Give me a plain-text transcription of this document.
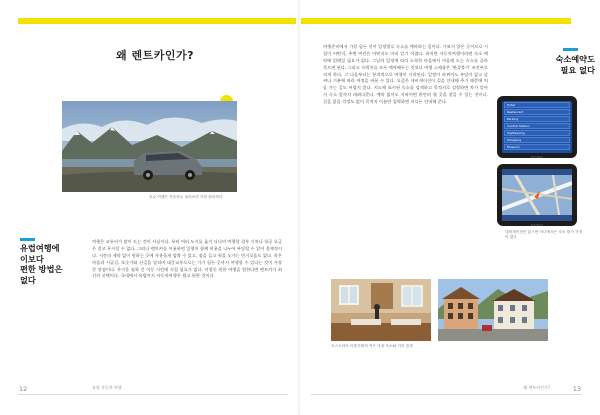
왜 렌트카인가?
호수 여행은 자동차로 둘러보면 가장 편리하다
유럽여행에
이보다
편한 방법은
없다
여행은 교통비가 많이 드는 것이 사실이다. 특히 여러 도시를 옮겨 다니며 여행할 경우 기차나 항공 요금은 결코 무시할 수 없다. 그러나 렌트카를 이용하면 일행이 함께 비용을 나누어 부담할 수 있어 경제적이다. 시간의 제약 없이 원하는 곳에 자유롭게 멈출 수 있고, 짐을 들고 역을 오가는 번거로움도 없다. 작은 마을과 시골길, 호숫가와 산길을 달리며 대중교통으로는 가기 힘든 곳까지 여행할 수 있다는 것이 가장 큰 장점이다. 무거운 짐과 긴 이동 시간에 지칠 필요가 없다. 이렇듯 편한 여행을 원한다면 렌트카가 최선의 선택이다. 국내에서 유럽까지 자동차여행은 쉽고 편한 것이다.
12	유럽 자동차 여행
여행준비에서 가장 힘든 것이 일정별로 숙소를 예약하는 일이다. 가보지 않은 곳이므로 시설이 어떤지, 주변 여건은 어떤지도 미리 알기 어렵다. 하지만 자동차여행이라면 숙소 예약에 얽매일 필요가 없다. 그날의 일정에 따라 도착한 마을에서 마음에 드는 숙소를 골라 묵으면 된다. 그리고 숙박지를 모두 예약해두는 것보다 여행 스케줄은 '변경불가' 조건부로 적게 한다. 그 다음부터는 본격적으로 여행이 시작된다. 일정이 바뀌어도 부담이 없고 날씨나 기분에 따라 여정을 바꿀 수 있다. 요즘은 내비게이션이 길을 안내해 주기 때문에 처음 가는 길도 어렵지 않다. 지도에 표시된 숙소를 검색하고 목적지로 설정하면 차가 알아서 숙소 앞까지 데려다준다. 예약 없이도 저녁이면 편안히 쉴 곳을 찾을 수 있는 것이다. 길을 잃을 걱정도 없이 목적지 이름만 입력하면 어디든 안내해 준다.
숙소예약도
필요 없다
Hotel
Restaurant
Parking
Central Station
Sightseeing
Shopping
Museum
TomTom
TomTom
내비게이션만 있으면 어디에서든 숙소 찾기 걱정이 없다
오스트리아 티롤지방의 작은 마을 숙소와 거리 풍경
왜 렌트카인가?	13
